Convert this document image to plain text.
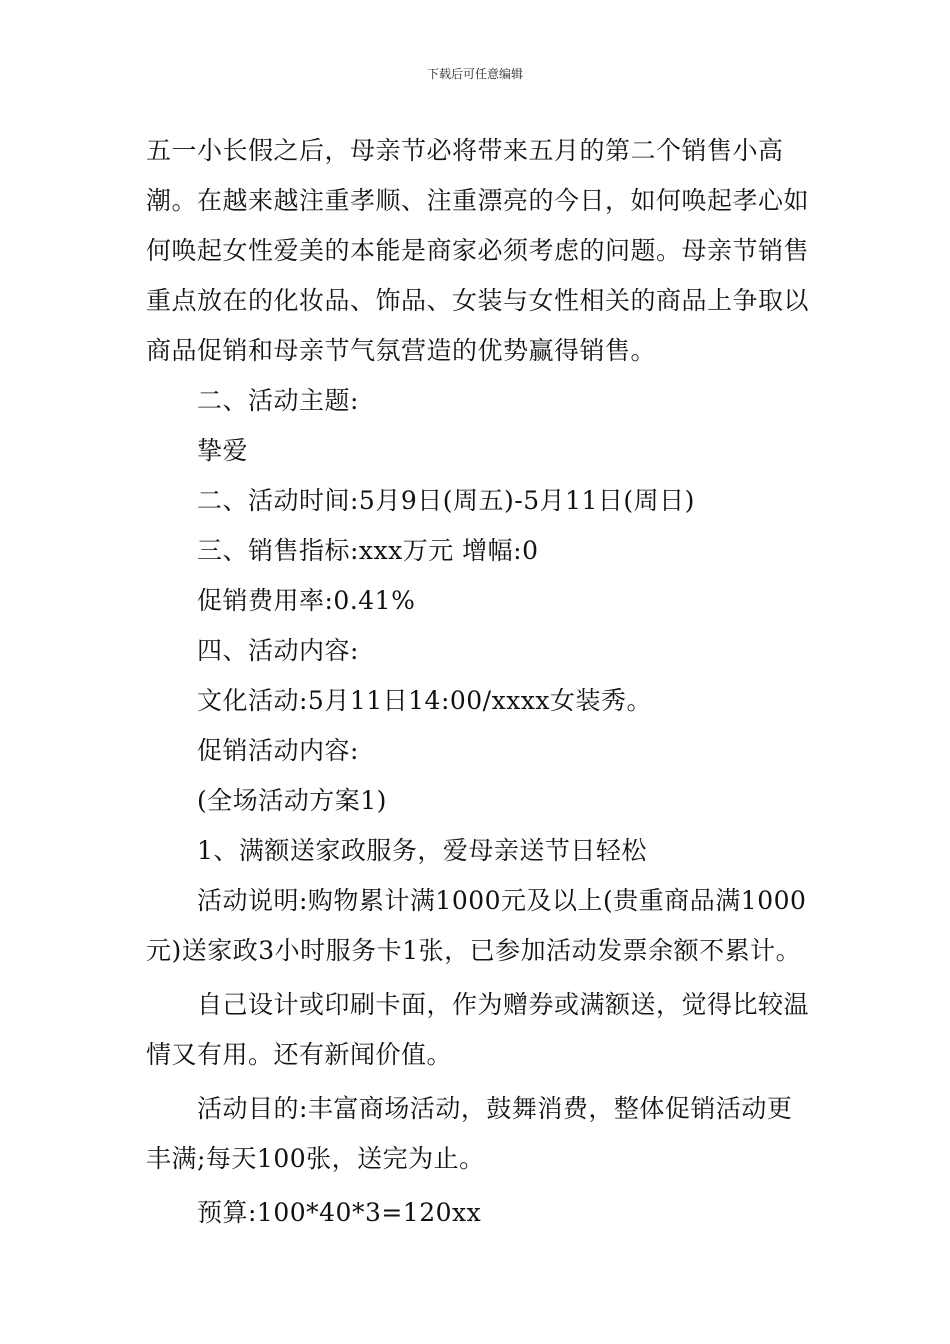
下载后可任意编辑

五一小长假之后，母亲节必将带来五月的第二个销售小高潮。在越来越注重孝顺、注重漂亮的今日，如何唤起孝心如何唤起女性爱美的本能是商家必须考虑的问题。母亲节销售重点放在的化妆品、饰品、女装与女性相关的商品上争取以商品促销和母亲节气氛营造的优势赢得销售。

二、活动主题:

挚爱

二、活动时间:5月9日(周五)-5月11日(周日)

三、销售指标:xxx万元 增幅:0

促销费用率:0.41%

四、活动内容:

文化活动:5月11日14:00/xxxx女装秀。

促销活动内容:

(全场活动方案1)

1、满额送家政服务，爱母亲送节日轻松

活动说明:购物累计满1000元及以上(贵重商品满1000元)送家政3小时服务卡1张，已参加活动发票余额不累计。

自己设计或印刷卡面，作为赠券或满额送，觉得比较温情又有用。还有新闻价值。

活动目的:丰富商场活动，鼓舞消费，整体促销活动更丰满;每天100张，送完为止。

预算:100*40*3=120xx
